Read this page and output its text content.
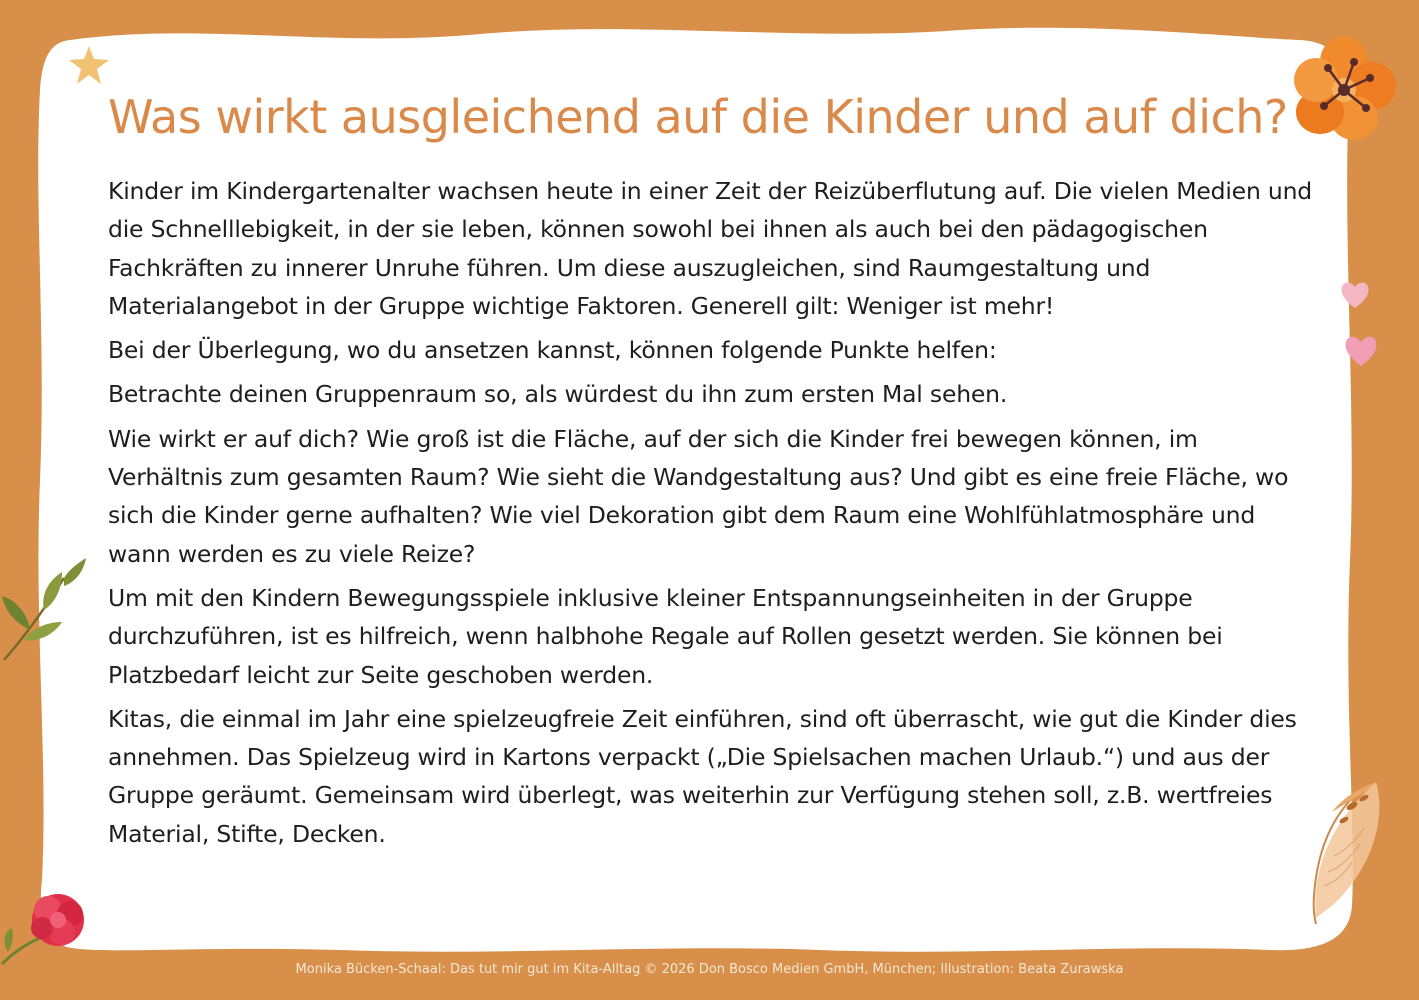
Was wirkt ausgleichend auf die Kinder und auf dich?

Kinder im Kindergartenalter wachsen heute in einer Zeit der Reizüberflutung auf. Die vielen Medien und die Schnelllebigkeit, in der sie leben, können sowohl bei ihnen als auch bei den pädagogischen Fachkräften zu innerer Unruhe führen. Um diese auszugleichen, sind Raumgestaltung und Materialangebot in der Gruppe wichtige Faktoren. Generell gilt: Weniger ist mehr!

Bei der Überlegung, wo du ansetzen kannst, können folgende Punkte helfen:

Betrachte deinen Gruppenraum so, als würdest du ihn zum ersten Mal sehen.

Wie wirkt er auf dich? Wie groß ist die Fläche, auf der sich die Kinder frei bewegen können, im Verhältnis zum gesamten Raum? Wie sieht die Wandgestaltung aus? Und gibt es eine freie Fläche, wo sich die Kinder gerne aufhalten? Wie viel Dekoration gibt dem Raum eine Wohlfühlatmosphäre und wann werden es zu viele Reize?

Um mit den Kindern Bewegungsspiele inklusive kleiner Entspannungseinheiten in der Gruppe durchzuführen, ist es hilfreich, wenn halbhohe Regale auf Rollen gesetzt werden. Sie können bei Platzbedarf leicht zur Seite geschoben werden.

Kitas, die einmal im Jahr eine spielzeugfreie Zeit einführen, sind oft überrascht, wie gut die Kinder dies annehmen. Das Spielzeug wird in Kartons verpackt („Die Spielsachen machen Urlaub.“) und aus der Gruppe geräumt. Gemeinsam wird überlegt, was weiterhin zur Verfügung stehen soll, z.B. wertfreies Material, Stifte, Decken.

Monika Bücken-Schaal: Das tut mir gut im Kita-Alltag © 2026 Don Bosco Medien GmbH, München; Illustration: Beata Zurawska
